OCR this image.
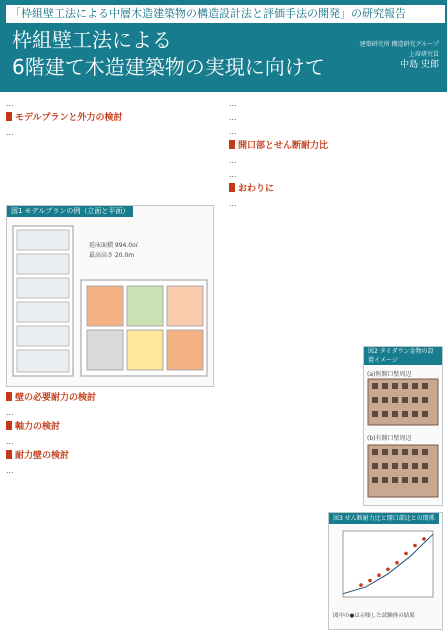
「枠組壁工法による中層木造建築物の構造設計法と評価手法の開発」の研究報告
枠組壁工法による
6階建て木造建築物の実現に向けて
建築研究所 構造研究グループ
上席研究員
中島 史郎

…

モデルプランと外力の検討

…

図1 モデルプランの例（立面と平面）
延床面積 994.0㎡
最高高さ 20.0m
壁の必要耐力の検討

…

軸力の検討

…

耐力壁の検討

…

…

…

…

開口部とせん断耐力比

…

…

おわりに

…

図2 タイダウン金物の設置イメージ
(a)無開口壁周辺
(b)有開口壁周辺
図3 せん断耐力比と開口部比との関係
図中の●は示唆した試験体の結果
